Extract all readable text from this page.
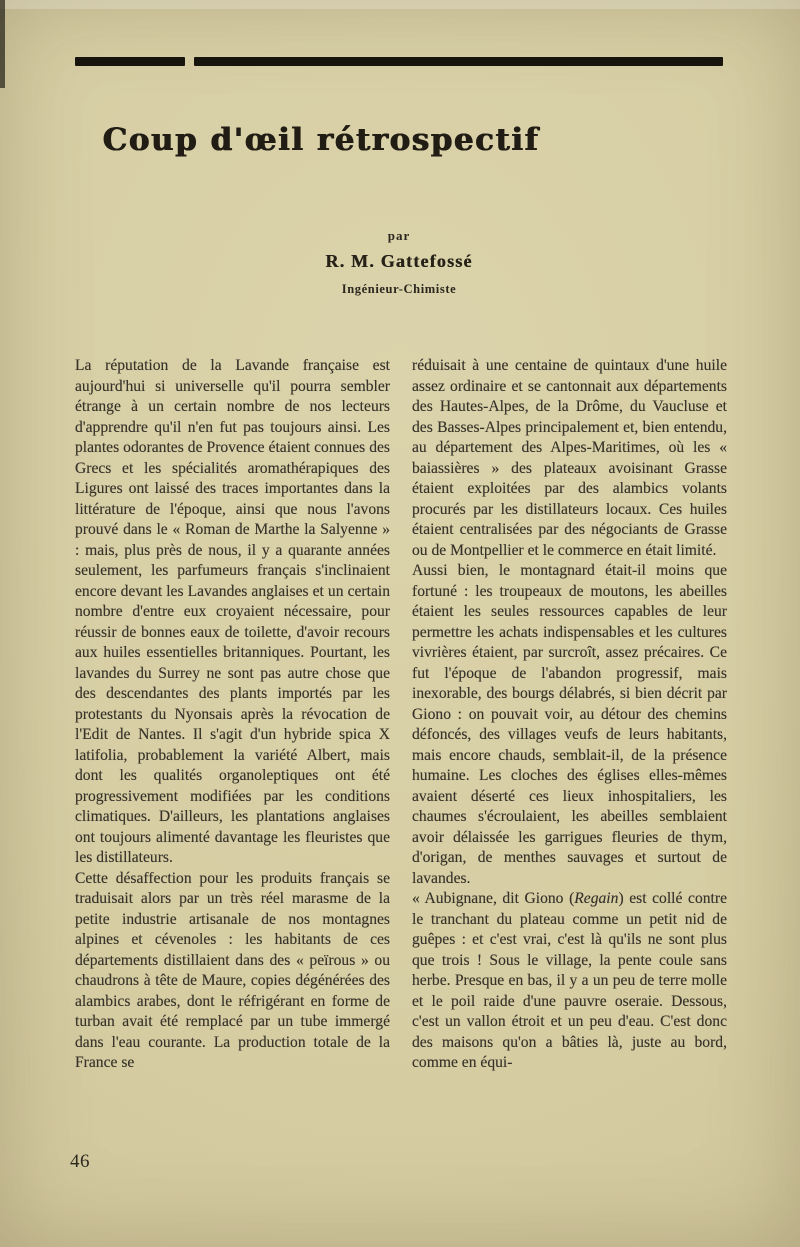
Coup d'œil rétrospectif
par
R. M. Gattefossé
Ingénieur-Chimiste

La réputation de la Lavande française est aujourd'hui si universelle qu'il pourra sembler étrange à un certain nombre de nos lecteurs d'apprendre qu'il n'en fut pas toujours ainsi. Les plantes odorantes de Provence étaient connues des Grecs et les spécialités aromathérapiques des Ligures ont laissé des traces importantes dans la littérature de l'époque, ainsi que nous l'avons prouvé dans le « Roman de Marthe la Salyenne » : mais, plus près de nous, il y a quarante années seulement, les parfumeurs français s'inclinaient encore devant les Lavandes anglaises et un certain nombre d'entre eux croyaient nécessaire, pour réussir de bonnes eaux de toilette, d'avoir recours aux huiles essentielles britanniques. Pourtant, les lavandes du Surrey ne sont pas autre chose que des descendantes des plants importés par les protestants du Nyonsais après la révocation de l'Edit de Nantes. Il s'agit d'un hybride spica X latifolia, probablement la variété Albert, mais dont les qualités organoleptiques ont été progressivement modifiées par les conditions climatiques. D'ailleurs, les plantations anglaises ont toujours alimenté davantage les fleuristes que les distillateurs.

Cette désaffection pour les produits français se traduisait alors par un très réel marasme de la petite industrie artisanale de nos montagnes alpines et cévenoles : les habitants de ces départements distillaient dans des « peïrous » ou chaudrons à tête de Maure, copies dégénérées des alambics arabes, dont le réfrigérant en forme de turban avait été remplacé par un tube immergé dans l'eau courante. La production totale de la France se

réduisait à une centaine de quintaux d'une huile assez ordinaire et se cantonnait aux départements des Hautes-Alpes, de la Drôme, du Vaucluse et des Basses-Alpes principalement et, bien entendu, au département des Alpes-Maritimes, où les « baiassières » des plateaux avoisinant Grasse étaient exploitées par des alambics volants procurés par les distillateurs locaux. Ces huiles étaient centralisées par des négociants de Grasse ou de Montpellier et le commerce en était limité.

Aussi bien, le montagnard était-il moins que fortuné : les troupeaux de moutons, les abeilles étaient les seules ressources capables de leur permettre les achats indispensables et les cultures vivrières étaient, par surcroît, assez précaires. Ce fut l'époque de l'abandon progressif, mais inexorable, des bourgs délabrés, si bien décrit par Giono : on pouvait voir, au détour des chemins défoncés, des villages veufs de leurs habitants, mais encore chauds, semblait-il, de la présence humaine. Les cloches des églises elles-mêmes avaient déserté ces lieux inhospitaliers, les chaumes s'écroulaient, les abeilles semblaient avoir délaissée les garrigues fleuries de thym, d'origan, de menthes sauvages et surtout de lavandes.

« Aubignane, dit Giono (Regain) est collé contre le tranchant du plateau comme un petit nid de guêpes : et c'est vrai, c'est là qu'ils ne sont plus que trois ! Sous le village, la pente coule sans herbe. Presque en bas, il y a un peu de terre molle et le poil raide d'une pauvre oseraie. Dessous, c'est un vallon étroit et un peu d'eau. C'est donc des maisons qu'on a bâties là, juste au bord, comme en équi-

46
